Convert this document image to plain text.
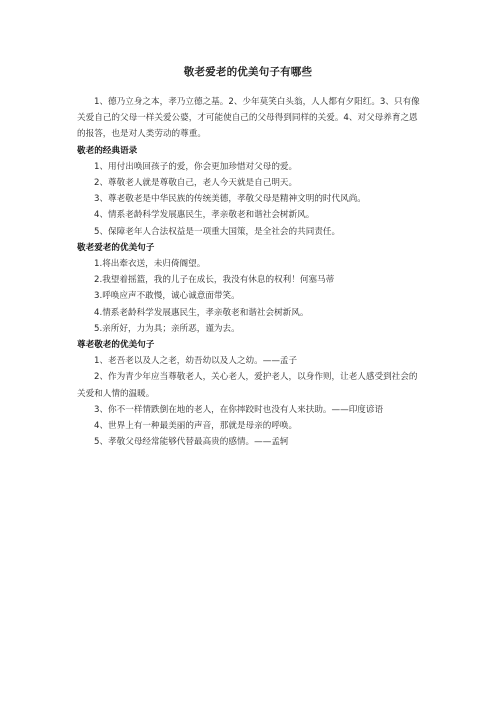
敬老爱老的优美句子有哪些

1、德乃立身之本，孝乃立德之基。2、少年莫笑白头翁，人人都有夕阳红。3、只有像关爱自己的父母一样关爱公婆，才可能使自己的父母得到同样的关爱。4、对父母养育之恩的报答，也是对人类劳动的尊重。

敬老的经典语录

1、用付出唤回孩子的爱，你会更加珍惜对父母的爱。

2、尊敬老人就是尊敬自己，老人今天就是自己明天。

3、尊老敬老是中华民族的传统美德，孝敬父母是精神文明的时代风尚。

4、情系老龄科学发展惠民生，孝亲敬老和谐社会树新风。

5、保障老年人合法权益是一项重大国策，是全社会的共同责任。

敬老爱老的优美句子

1.将出牽衣送，未归倚阍望。

2.我望着摇篮，我的儿子在成长，我没有休息的权利！何塞马蒂

3.呼唤应声不敢慢，诚心诚意面带笑。

4.情系老龄科学发展惠民生，孝亲敬老和谐社会树新风。

5.亲所好，力为具；亲所恶，谨为去。

尊老敬老的优美句子

1、老吾老以及人之老，幼吾幼以及人之幼。——孟子

2、作为青少年应当尊敬老人，关心老人，爱护老人，以身作则，让老人感受到社会的关爱和人情的温暖。

3、你不一样情跌倒在地的老人，在你摔跤时也没有人来扶助。——印度谚语

4、世界上有一种最美丽的声音，那就是母亲的呼唤。

5、孝敬父母经常能够代替最高贵的感情。——孟轲
